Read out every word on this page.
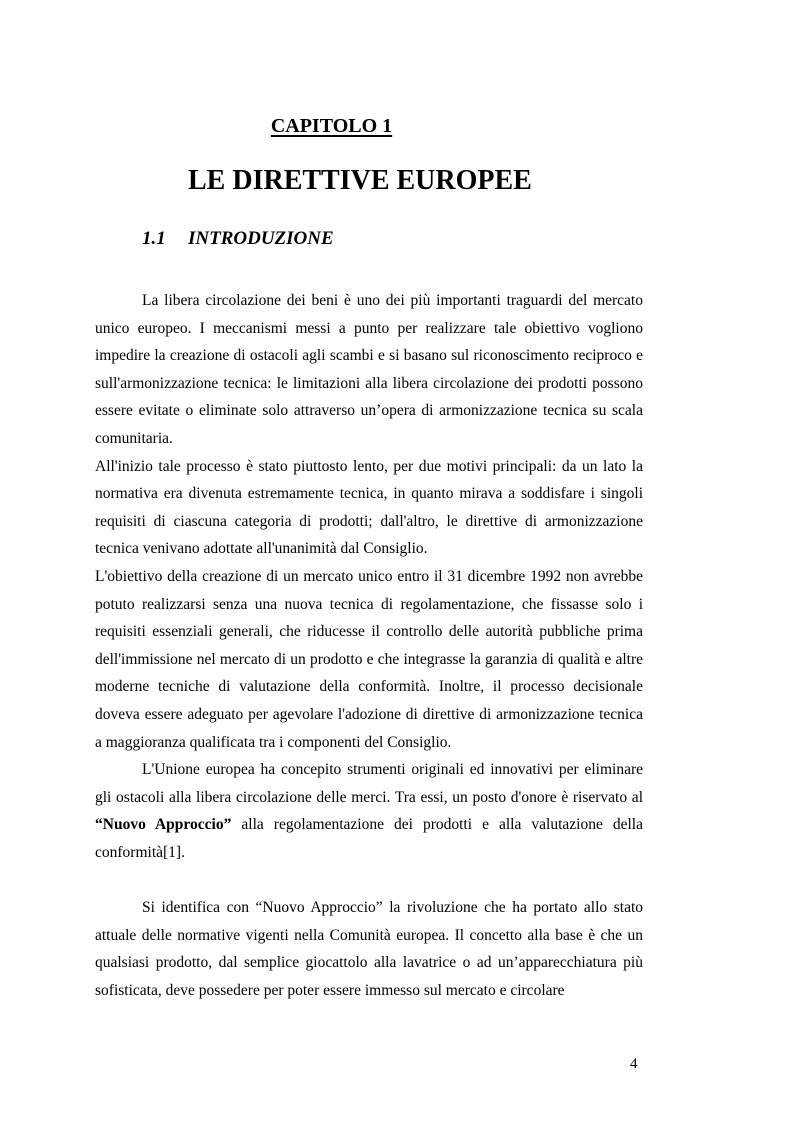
CAPITOLO 1
LE DIRETTIVE EUROPEE
1.1 INTRODUZIONE

La libera circolazione dei beni è uno dei più importanti traguardi del mercato unico europeo. I meccanismi messi a punto per realizzare tale obiettivo vogliono impedire la creazione di ostacoli agli scambi e si basano sul riconoscimento reciproco e sull'armonizzazione tecnica: le limitazioni alla libera circolazione dei prodotti possono essere evitate o eliminate solo attraverso un’opera di armonizzazione tecnica su scala comunitaria.

All'inizio tale processo è stato piuttosto lento, per due motivi principali: da un lato la normativa era divenuta estremamente tecnica, in quanto mirava a soddisfare i singoli requisiti di ciascuna categoria di prodotti; dall'altro, le direttive di armonizzazione tecnica venivano adottate all'unanimità dal Consiglio.

L'obiettivo della creazione di un mercato unico entro il 31 dicembre 1992 non avrebbe potuto realizzarsi senza una nuova tecnica di regolamentazione, che fissasse solo i requisiti essenziali generali, che riducesse il controllo delle autorità pubbliche prima dell'immissione nel mercato di un prodotto e che integrasse la garanzia di qualità e altre moderne tecniche di valutazione della conformità. Inoltre, il processo decisionale doveva essere adeguato per agevolare l'adozione di direttive di armonizzazione tecnica a maggioranza qualificata tra i componenti del Consiglio.

L'Unione europea ha concepito strumenti originali ed innovativi per eliminare gli ostacoli alla libera circolazione delle merci. Tra essi, un posto d'onore è riservato al “Nuovo Approccio” alla regolamentazione dei prodotti e alla valutazione della conformità[1].

Si identifica con “Nuovo Approccio” la rivoluzione che ha portato allo stato attuale delle normative vigenti nella Comunità europea. Il concetto alla base è che un qualsiasi prodotto, dal semplice giocattolo alla lavatrice o ad un’apparecchiatura più sofisticata, deve possedere per poter essere immesso sul mercato e circolare

4
